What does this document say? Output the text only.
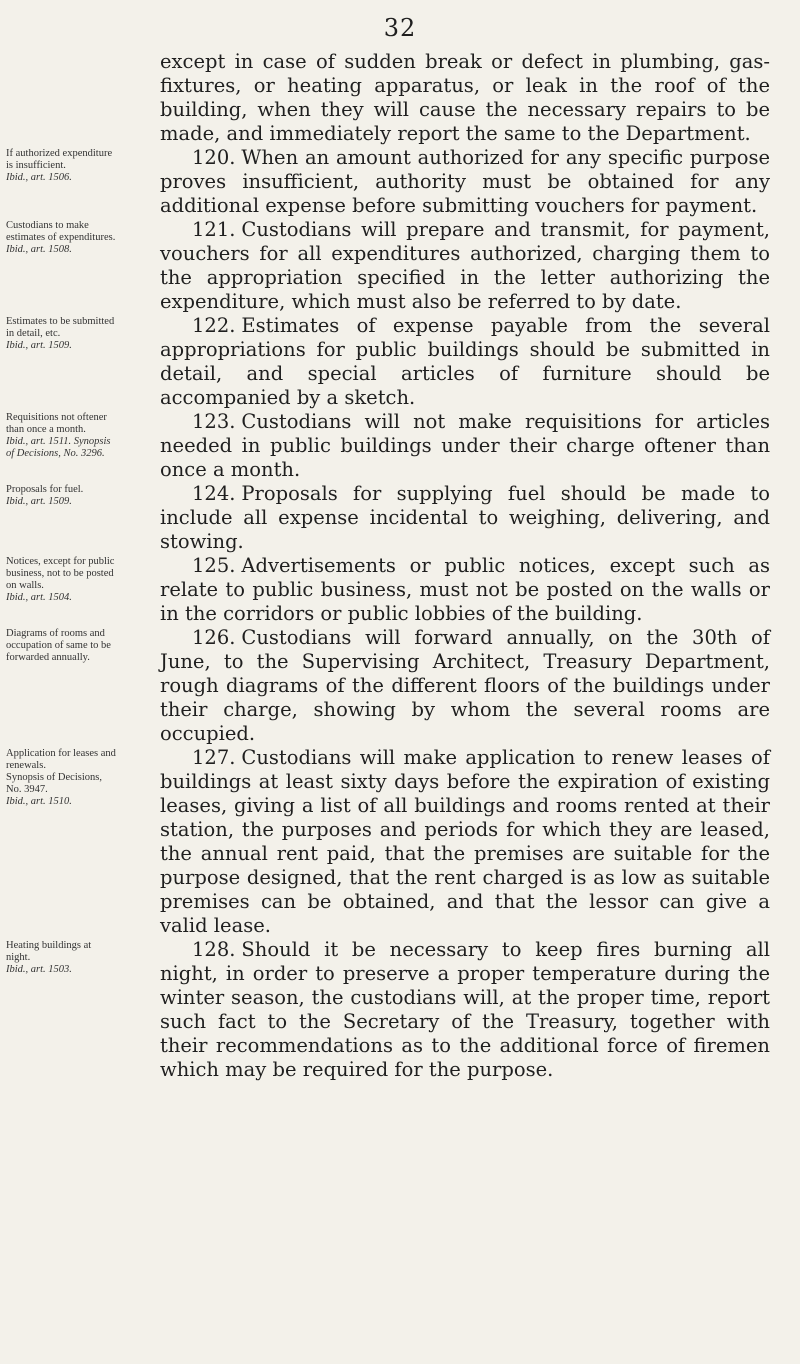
32
except in case of sudden break or defect in plumbing, gas-fixtures, or heating apparatus, or leak in the roof of the building, when they will cause the necessary repairs to be made, and immediately report the same to the Department.
If authorized expenditure is insufficient.
Ibid., art. 1506.
120. When an amount authorized for any specific purpose proves insufficient, authority must be obtained for any additional expense before submitting vouchers for payment.
Custodians to make estimates of expenditures.
Ibid., art. 1508.
121. Custodians will prepare and transmit, for payment, vouchers for all expenditures authorized, charging them to the appropriation specified in the letter authorizing the expenditure, which must also be referred to by date.
Estimates to be submitted in detail, etc.
Ibid., art. 1509.
122. Estimates of expense payable from the several appropriations for public buildings should be submitted in detail, and special articles of furniture should be accompanied by a sketch.
Requisitions not oftener than once a month.
Ibid., art. 1511. Synopsis of Decisions, No. 3296.
123. Custodians will not make requisitions for articles needed in public buildings under their charge oftener than once a month.
Proposals for fuel.
Ibid., art. 1509.	124. Proposals for supplying fuel should be made to include all expense incidental to weighing, delivering, and stowing.
Notices, except for public business, not to be posted on walls.
Ibid., art. 1504.
125. Advertisements or public notices, except such as relate to public business, must not be posted on the walls or in the corridors or public lobbies of the building.
Diagrams of rooms and occupation of same to be forwarded annually.
126. Custodians will forward annually, on the 30th of June, to the Supervising Architect, Treasury Department, rough diagrams of the different floors of the buildings under their charge, showing by whom the several rooms are occupied.
Application for leases and renewals.
Synopsis of Decisions, No. 3947.
Ibid., art. 1510.
127. Custodians will make application to renew leases of buildings at least sixty days before the expiration of existing leases, giving a list of all buildings and rooms rented at their station, the purposes and periods for which they are leased, the annual rent paid, that the premises are suitable for the purpose designed, that the rent charged is as low as suitable premises can be obtained, and that the lessor can give a valid lease.
Heating buildings at night.
Ibid., art. 1503.
128. Should it be necessary to keep fires burning all night, in order to preserve a proper temperature during the winter season, the custodians will, at the proper time, report such fact to the Secretary of the Treasury, together with their recommendations as to the additional force of firemen which may be required for the purpose.
